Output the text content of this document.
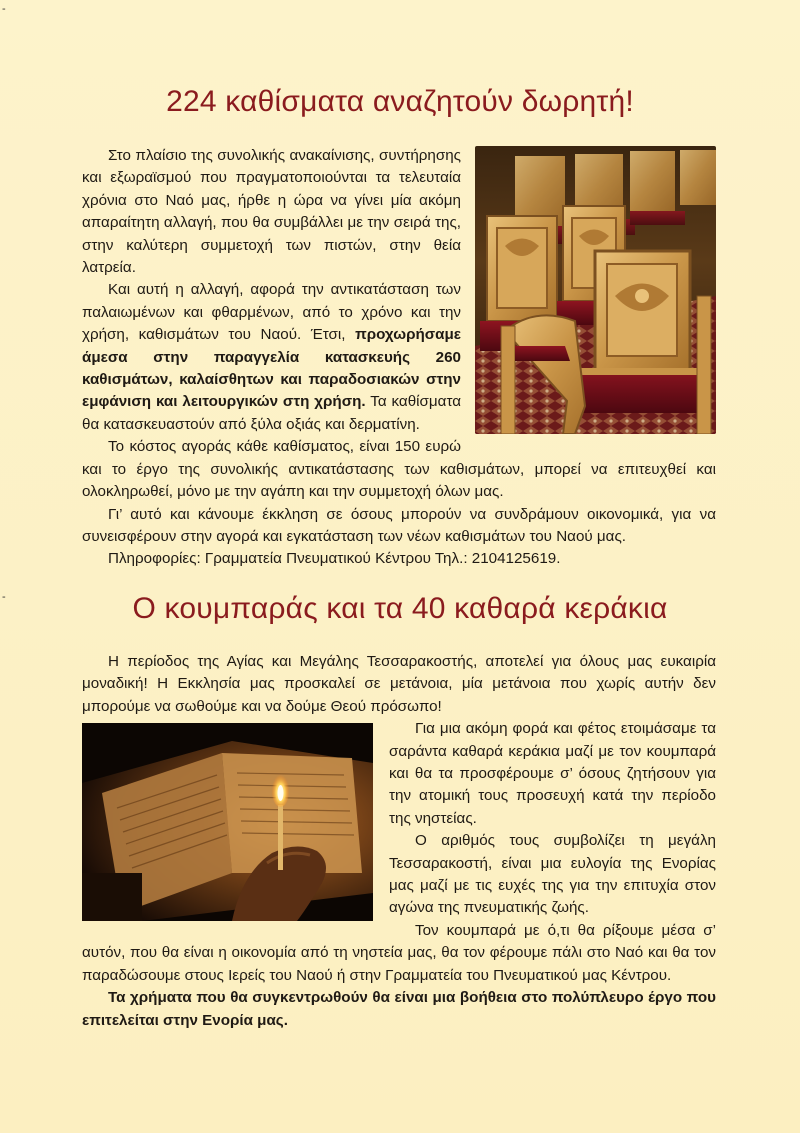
-
-
224 καθίσματα αναζητούν δωρητή!

Στο πλαίσιο της συνολικής ανακαίνισης, συντήρησης και εξωραϊσμού που πραγματοποιούνται τα τελευταία χρόνια στο Ναό μας, ήρθε η ώρα να γίνει μία ακόμη απαραίτητη αλλαγή, που θα συμβάλλει με την σειρά της, στην καλύτερη συμμετοχή των πιστών, στην θεία λατρεία.

Και αυτή η αλλαγή, αφορά την αντικατάσταση των παλαιωμένων και φθαρμένων, από το χρόνο και την χρήση, καθισμάτων του Ναού. Έτσι, προχωρήσαμε άμεσα στην παραγγελία κατασκευής 260 καθισμάτων, καλαίσθητων και παραδοσιακών στην εμφάνιση και λειτουργικών στη χρήση. Τα καθίσματα θα κατασκευαστούν από ξύλα οξιάς και δερματίνη.

Το κόστος αγοράς κάθε καθίσματος, είναι 150 ευρώ και το έργο της συνολικής αντικατάστασης των καθισμάτων, μπορεί να επιτευχθεί και ολοκληρωθεί, μόνο με την αγάπη και την συμμετοχή όλων μας.

Γι’ αυτό και κάνουμε έκκληση σε όσους μπορούν να συνδράμουν οικονομικά, για να συνεισφέρουν στην αγορά και εγκατάσταση των νέων καθισμάτων του Ναού μας.

Πληροφορίες: Γραμματεία Πνευματικού Κέντρου Τηλ.: 2104125619.

Ο κουμπαράς και τα 40 καθαρά κεράκια

Η περίοδος της Αγίας και Μεγάλης Τεσσαρακοστής, αποτελεί για όλους μας ευκαιρία μοναδική! Η Εκκλησία μας προσκαλεί σε μετάνοια, μία μετάνοια που χωρίς αυτήν δεν μπορούμε να σωθούμε και να δούμε Θεού πρόσωπο!

Για μια ακόμη φορά και φέτος ετοιμάσαμε τα σαράντα καθαρά κεράκια μαζί με τον κουμπαρά και θα τα προσφέρουμε σ’ όσους ζητήσουν για την ατομική τους προσευχή κατά την περίοδο της νηστείας.

Ο αριθμός τους συμβολίζει τη μεγάλη Τεσσαρακοστή, είναι μια ευλογία της Ενορίας μας μαζί με τις ευχές της για την επιτυχία στον αγώνα της πνευματικής ζωής.

Τον κουμπαρά με ό,τι θα ρίξουμε μέσα σ’ αυτόν, που θα είναι η οικονομία από τη νηστεία μας, θα τον φέρουμε πάλι στο Ναό και θα τον παραδώσουμε στους Ιερείς του Ναού ή στην Γραμματεία του Πνευματικού μας Κέντρου.

Τα χρήματα που θα συγκεντρωθούν θα είναι μια βοήθεια στο πολύπλευρο έργο που επιτελείται στην Ενορία μας.
